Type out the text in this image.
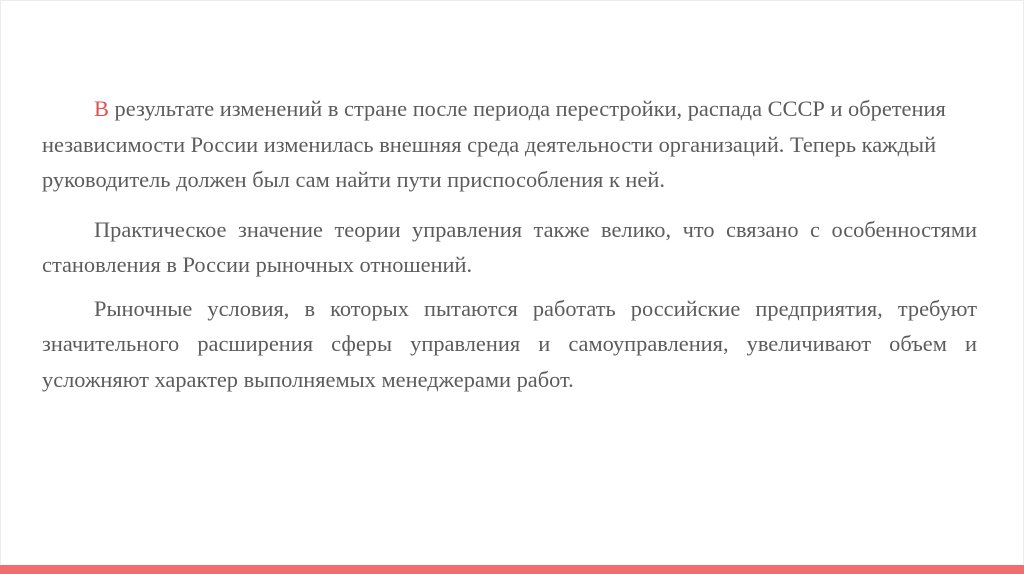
В результате изменений в стране после периода перестройки, распада СССР и обретения независимости России изменилась внешняя среда деятельности организаций. Теперь каждый руководитель должен был сам найти пути приспособления к ней.

Практическое значение теории управления также велико, что связано с особенностями становления в России рыночных отношений.

Рыночные условия, в которых пытаются работать российские предприятия, требуют значительного расширения сферы управления и самоуправления, увеличивают объем и усложняют характер выполняемых менеджерами работ.
